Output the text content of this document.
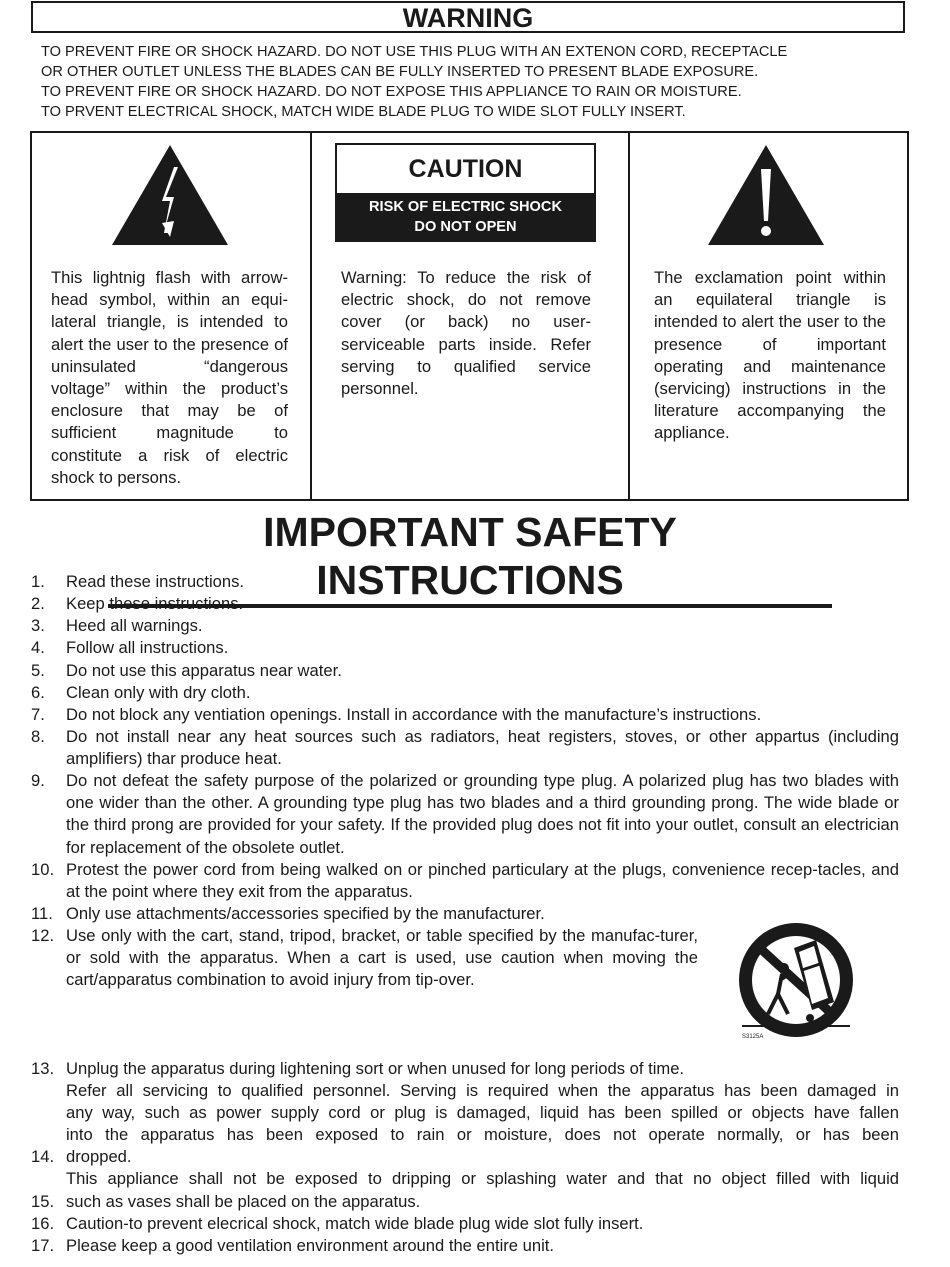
WARNING
TO PREVENT FIRE OR SHOCK HAZARD. DO NOT USE THIS PLUG WITH AN EXTENON CORD, RECEPTACLE
OR OTHER OUTLET UNLESS THE BLADES CAN BE FULLY INSERTED TO PRESENT BLADE EXPOSURE.
TO PREVENT FIRE OR SHOCK HAZARD. DO NOT EXPOSE THIS APPLIANCE TO RAIN OR MOISTURE.
TO PRVENT ELECTRICAL SHOCK, MATCH WIDE BLADE PLUG TO WIDE SLOT FULLY INSERT.
This lightnig flash with arrow-head symbol, within an equi-lateral triangle, is intended to alert the user to the presence of uninsulated “dangerous voltage” within the product’s enclosure that may be of sufficient magnitude to constitute a risk of electric shock to persons.
CAUTION
RISK OF ELECTRIC SHOCK
DO NOT OPEN
Warning: To reduce the risk of electric shock, do not remove cover (or back) no user-serviceable parts inside. Refer serving to qualified service personnel.
The exclamation point within an equilateral triangle is intended to alert the user to the presence of important operating and maintenance (servicing) instructions in the literature accompanying the appliance.
IMPORTANT SAFETY INSTRUCTIONS
1.	Read these instructions.
2.	Keep these instructions.
3.	Heed all warnings.
4.	Follow all instructions.
5.	Do not use this apparatus near water.
6.	Clean only with dry cloth.
7.	Do not block any ventiation openings. Install in accordance with the manufacture’s instructions.
8.	Do not install near any heat sources such as radiators, heat registers, stoves, or other appartus (including amplifiers) thar produce heat.
9.	Do not defeat the safety purpose of the polarized or grounding type plug. A polarized plug has two blades with one wider than the other. A grounding type plug has two blades and a third grounding prong. The wide blade or the third prong are provided for your safety. If the provided plug does not fit into your outlet, consult an electrician for replacement of the obsolete outlet.
10. Protest the power cord from being walked on or pinched particulary at the plugs, convenience recep-tacles, and at the point where they exit from the apparatus.
11. Only use attachments/accessories specified by the manufacturer.
12. Use only with the cart, stand, tripod, bracket, or table specified by the manufac-turer, or sold with the apparatus. When a cart is used, use caution when moving the cart/apparatus combination to avoid injury from tip-over.
S3125A
13.
14.
15.
16.
17.
Unplug the apparatus during lightening sort or when unused for long periods of time.
Refer all servicing to qualified personnel. Serving is required when the apparatus has been damaged in
any way, such as power supply cord or plug is damaged, liquid has been spilled or objects have fallen
into the apparatus has been exposed to rain or moisture, does not operate normally, or has been
dropped.
This appliance shall not be exposed to dripping or splashing water and that no object filled with liquid
such as vases shall be placed on the apparatus.
Caution-to prevent elecrical shock, match wide blade plug wide slot fully insert.
Please keep a good ventilation environment around the entire unit.
